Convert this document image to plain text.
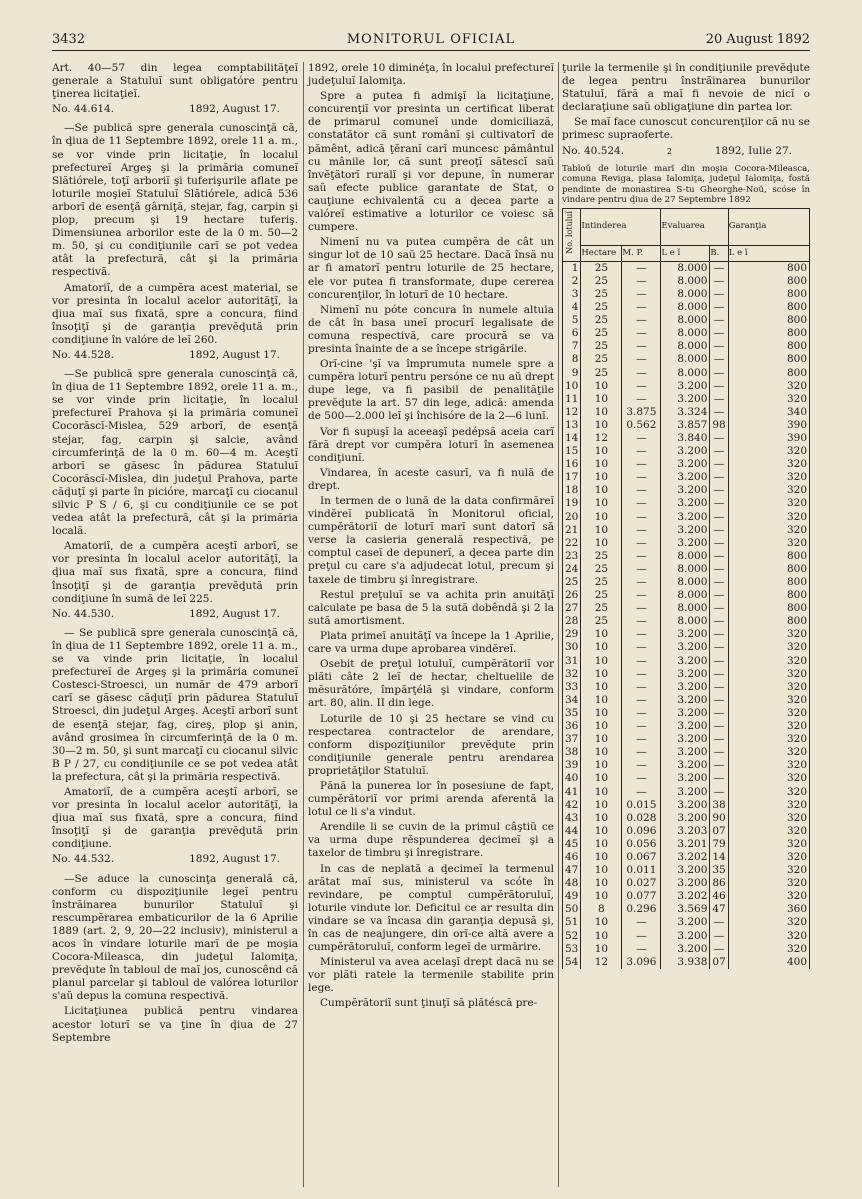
3432	MONITORUL OFICIAL	20 August 1892

Art. 40—57 din legea comptabilităţeĭ generale a Statuluĭ sunt obligatóre pentru ţinerea licitaţieĭ.

No. 44.614.	1892, August 17.

—Se publică spre generala cunoscinţă că, în ḑiua de 11 Septembre 1892, orele 11 a. m., se vor vinde prin licitaţie, în localul prefectureĭ Argeş şi la primăria comuneĭ Slătiórele, toţĭ arboriĭ şi tuferişurile aflate pe loturile moşieĭ Statuluĭ Slătiórele, adică 536 arborĭ de esenţă gârniţă, stejar, fag, carpin şi plop, precum şi 19 hectare tuferiş. Dimensiunea arborilor este de la 0 m. 50—2 m. 50, şi cu condiţiunile carĭ se pot vedea atât la prefectură, cât şi la primăria respectivă.

Amatoriĭ, de a cumpĕra acest material, se vor presinta în localul acelor autorităţĭ, la ḑiua maĭ sus fixată, spre a concura, fiind însoţiţĭ şi de garanţia prevĕḑută prin condiţiune în valóre de leĭ 260.

No. 44.528.	1892, August 17.

—Se publică spre generala cunoscinţă că, în ḑiua de 11 Septembre 1892, orele 11 a. m., se vor vinde prin licitaţie, în localul prefectureĭ Prahova şi la primăria comuneĭ Cocorăscĭ-Mislea, 529 arborĭ, de esenţă stejar, fag, carpin şi salcie, având circumferinţă de la 0 m. 60—4 m. Aceştĭ arborĭ se găsesc în pădurea Statuluĭ Cocorăscĭ-Mislea, din judeţul Prahova, parte căḑuţĭ şi parte în picióre, marcaţĭ cu ciocanul silvic P S / 6, şi cu condiţiunile ce se pot vedea atât la prefectură, cât şi la primăria locală.

Amatoriĭ, de a cumpĕra aceştĭ arborĭ, se vor presinta în localul acelor autorităţĭ, la ḑiua maĭ sus fixată, spre a concura, fiind însoţiţĭ şi de garanţia prevĕḑută prin condiţiune în sumă de leĭ 225.

No. 44.530.	1892, August 17.

— Se publică spre generala cunoscinţă că, în ḑiua de 11 Septembre 1892, orele 11 a. m., se va vinde prin licitaţie, în localul prefectureĭ de Argeş şi la primăria comuneĭ Costesci-Stroesci, un număr de 479 arborĭ carĭ se găsesc căḑuţĭ prin pădurea Statuluĭ Stroesci, din judeţul Argeş. Aceştĭ arborĭ sunt de esenţă stejar, fag, cireş, plop şi anin, având grosimea în circumferinţă de la 0 m. 30—2 m. 50, şi sunt marcaţĭ cu ciocanul silvic B P / 27, cu condiţiunile ce se pot vedea atât la prefectura, cât şi la primăria respectivă.

Amatoriĭ, de a cumpĕra aceştĭ arborĭ, se vor presinta în localul acelor autorităţĭ, la ḑiua maĭ sus fixată, spre a concura, fiind însoţiţĭ şi de garanţia prevĕḑută prin condiţiune.

No. 44.532.	1892, August 17.

—Se aduce la cunoscinţa generală că, conform cu dispoziţiunile legeĭ pentru înstrăinarea bunurilor Statuluĭ şi rescumpĕrarea embaticurilor de la 6 Aprilie 1889 (art. 2, 9, 20—22 inclusiv), ministerul a acos în vindare loturile marĭ de pe moşia Cocora-Mileasca, din judeţul Ialomiţa, prevĕḑute în tabloul de maĭ jos, cunoscênd că planul parcelar şi tabloul de valórea loturilor s'aŭ depus la comuna respectivă.

Licitaţiunea publică pentru vindarea acestor loturĭ se va ţine în ḑiua de 27 Septembre

1892, orele 10 diminéţa, în localul prefectureĭ judeţuluĭ Ialomiţa.

Spre a putea fi admişĭ la licitaţiune, concurenţiĭ vor presinta un certificat liberat de primarul comuneĭ unde domiciliază, constatător că sunt românĭ şi cultivatorĭ de pămênt, adică ţĕranĭ carĭ muncesc pământul cu mânile lor, că sunt preoţĭ sătescĭ saŭ învĕţătorĭ ruralĭ şi vor depune, în numerar saŭ efecte publice garantate de Stat, o cauţiune echivalentă cu a ḑecea parte a valóreĭ estimative a loturilor ce voiesc să cumpere.

Nimenĭ nu va putea cumpĕra de cât un singur lot de 10 saŭ 25 hectare. Dacă însă nu ar fi amatorĭ pentru loturile de 25 hectare, ele vor putea fi transformate, dupe cererea concurenţilor, în loturĭ de 10 hectare.

Nimenĭ nu póte concura în numele altuia de cât în basa uneĭ procurĭ legalisate de comuna respectivă, care procură se va presinta înainte de a se începe strigările.

Orĭ-cine 'şĭ va împrumuta numele spre a cumpĕra loturĭ pentru persóne ce nu aŭ drept dupe lege, va fi pasibil de penalităţile prevĕḑute la art. 57 din lege, adică: amenda de 500—2.000 leĭ şi închisóre de la 2—6 lunĭ.

Vor fi supuşĭ la aceeaşĭ pedépsă aceia carĭ fără drept vor cumpĕra loturĭ în asemenea condiţiunĭ.

Vindarea, în aceste casurĭ, va fi nulă de drept.

In termen de o lună de la data confirmăreĭ vindĕreĭ publicată în Monitorul oficial, cumpĕrătoriĭ de loturĭ marĭ sunt datorĭ să verse la casieria generală respectivă, pe comptul caseĭ de depunerĭ, a ḑecea parte din preţul cu care s'a adjudecat lotul, precum şi taxele de timbru şi înregistrare.

Restul preţuluĭ se va achita prin anuităţĭ calculate pe basa de 5 la sută dobêndă şi 2 la sută amortisment.

Plata primeĭ anuităţĭ va începe la 1 Aprilie, care va urma dupe aprobarea vindĕreĭ.

Osebit de preţul lotuluĭ, cumpĕrătoriĭ vor plăti câte 2 leĭ de hectar, cheltuelile de mĕsurătóre, împărţélă şi vindare, conform art. 80, alin. II din lege.

Loturile de 10 şi 25 hectare se vind cu respectarea contractelor de arendare, conform dispoziţiunilor prevĕḑute prin condiţiunile generale pentru arendarea proprietăţilor Statuluĭ.

Pănă la punerea lor în posesiune de fapt, cumpĕrătoriĭ vor primi arenda aferentă la lotul ce li s'a vindut.

Arendile li se cuvin de la primul câştiŭ ce va urma dupe rĕspunderea ḑecimeĭ şi a taxelor de timbru şi înregistrare.

In cas de neplată a ḑecimeĭ la termenul arătat maĭ sus, ministerul va scóte în revindare, pe comptul cumpĕrătoruluĭ, loturile vindute lor. Deficitul ce ar resulta din vindare se va încasa din garanţia depusă şi, în cas de neajungere, din orĭ-ce altă avere a cumpĕrătoruluĭ, conform legeĭ de urmărire.

Ministerul va avea acelaşĭ drept dacă nu se vor plăti ratele la termenile stabilite prin lege.

Cumpĕrătoriĭ sunt ţinuţĭ să plătéscă pre-

ţurile la termenile şi în condiţiunile prevĕḑute de legea pentru înstrăinarea bunurilor Statuluĭ, fără a maĭ fi nevoie de nicĭ o declaraţiune saŭ obligaţiune din partea lor.

Se maĭ face cunoscut concurenţilor că nu se primesc supraoferte.

No. 40.524.	2	1892, Iulie 27.
Tabloŭ de loturile marĭ din moşia Cocora-Mileasca, comuna Reviga, plasa Ialomiţa, judeţul Ialomiţa, fostă pendinte de monastirea S-tu Gheorghe-Noŭ, scóse în vindare pentru ḑiua de 27 Septembre 1892
No. lotuluĭ	Intinderea		Evaluarea		Garanţia
	Hectare	M. P.	L e ĭ	B.	L e ĭ
1	25	—	8.000	—	800
2	25	—	8.000	—	800
3	25	—	8.000	—	800
4	25	—	8.000	—	800
5	25	—	8.000	—	800
6	25	—	8.000	—	800
7	25	—	8.000	—	800
8	25	—	8.000	—	800
9	25	—	8.000	—	800
10	10	—	3.200	—	320
11	10	—	3.200	—	320
12	10	3.875	3.324	—	340
13	10	0.562	3.857	98	390
14	12	—	3.840	—	390
15	10	—	3.200	—	320
16	10	—	3.200	—	320
17	10	—	3.200	—	320
18	10	—	3.200	—	320
19	10	—	3.200	—	320
20	10	—	3.200	—	320
21	10	—	3.200	—	320
22	10	—	3.200	—	320
23	25	—	8.000	—	800
24	25	—	8.000	—	800
25	25	—	8.000	—	800
26	25	—	8.000	—	800
27	25	—	8.000	—	800
28	25	—	8.000	—	800
29	10	—	3.200	—	320
30	10	—	3.200	—	320
31	10	—	3.200	—	320
32	10	—	3.200	—	320
33	10	—	3.200	—	320
34	10	—	3.200	—	320
35	10	—	3.200	—	320
36	10	—	3.200	—	320
37	10	—	3.200	—	320
38	10	—	3.200	—	320
39	10	—	3.200	—	320
40	10	—	3.200	—	320
41	10	—	3.200	—	320
42	10	0.015	3.200	38	320
43	10	0.028	3.200	90	320
44	10	0.096	3.203	07	320
45	10	0.056	3.201	79	320
46	10	0.067	3.202	14	320
47	10	0.011	3.200	35	320
48	10	0.027	3.200	86	320
49	10	0.077	3.202	46	320
50	8	0.296	3.569	47	360
51	10	—	3.200	—	320
52	10	—	3.200	—	320
53	10	—	3.200	—	320
54	12	3.096	3.938	07	400
